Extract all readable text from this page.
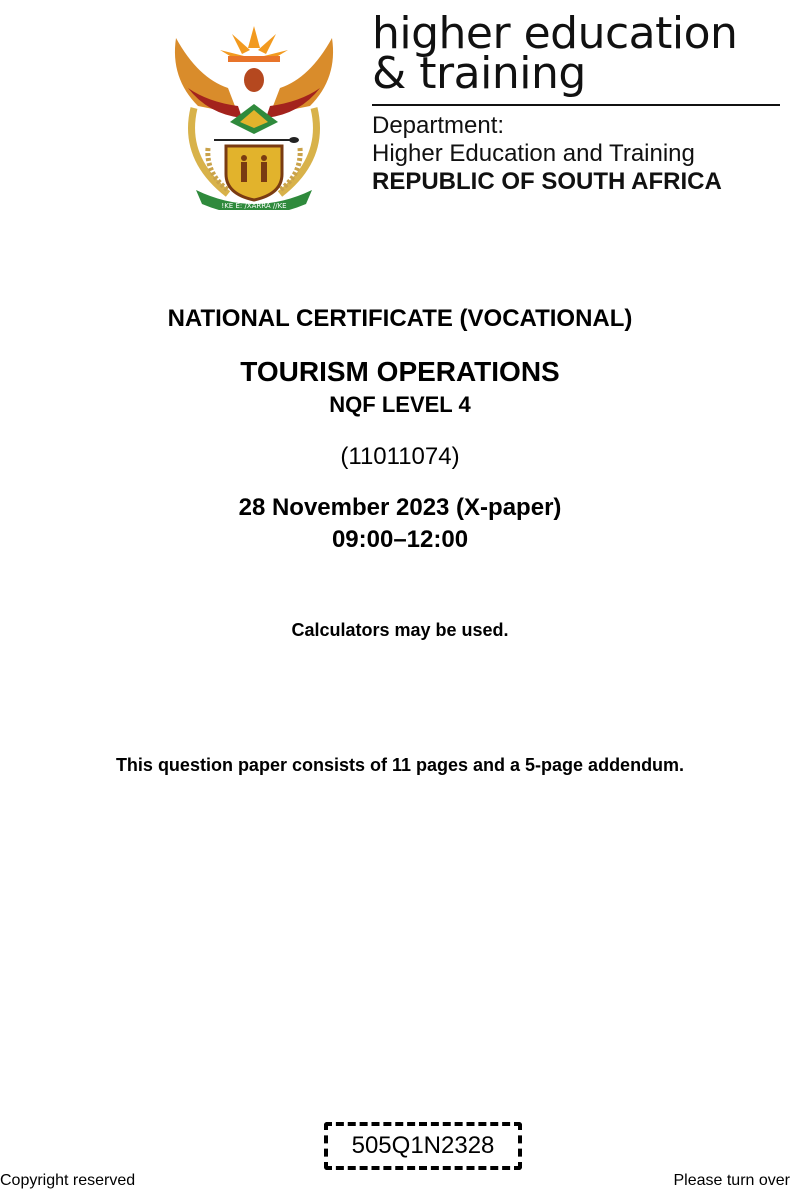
!KE E: /XARRA //KE
higher education
& training
Department:
Higher Education and Training
REPUBLIC OF SOUTH AFRICA
NATIONAL CERTIFICATE (VOCATIONAL)
TOURISM OPERATIONS
NQF LEVEL 4
(11011074)
28 November 2023 (X-paper)
09:00–12:00
Calculators may be used.
This question paper consists of 11 pages and a 5-page addendum.
505Q1N2328
Copyright reserved	Please turn over
